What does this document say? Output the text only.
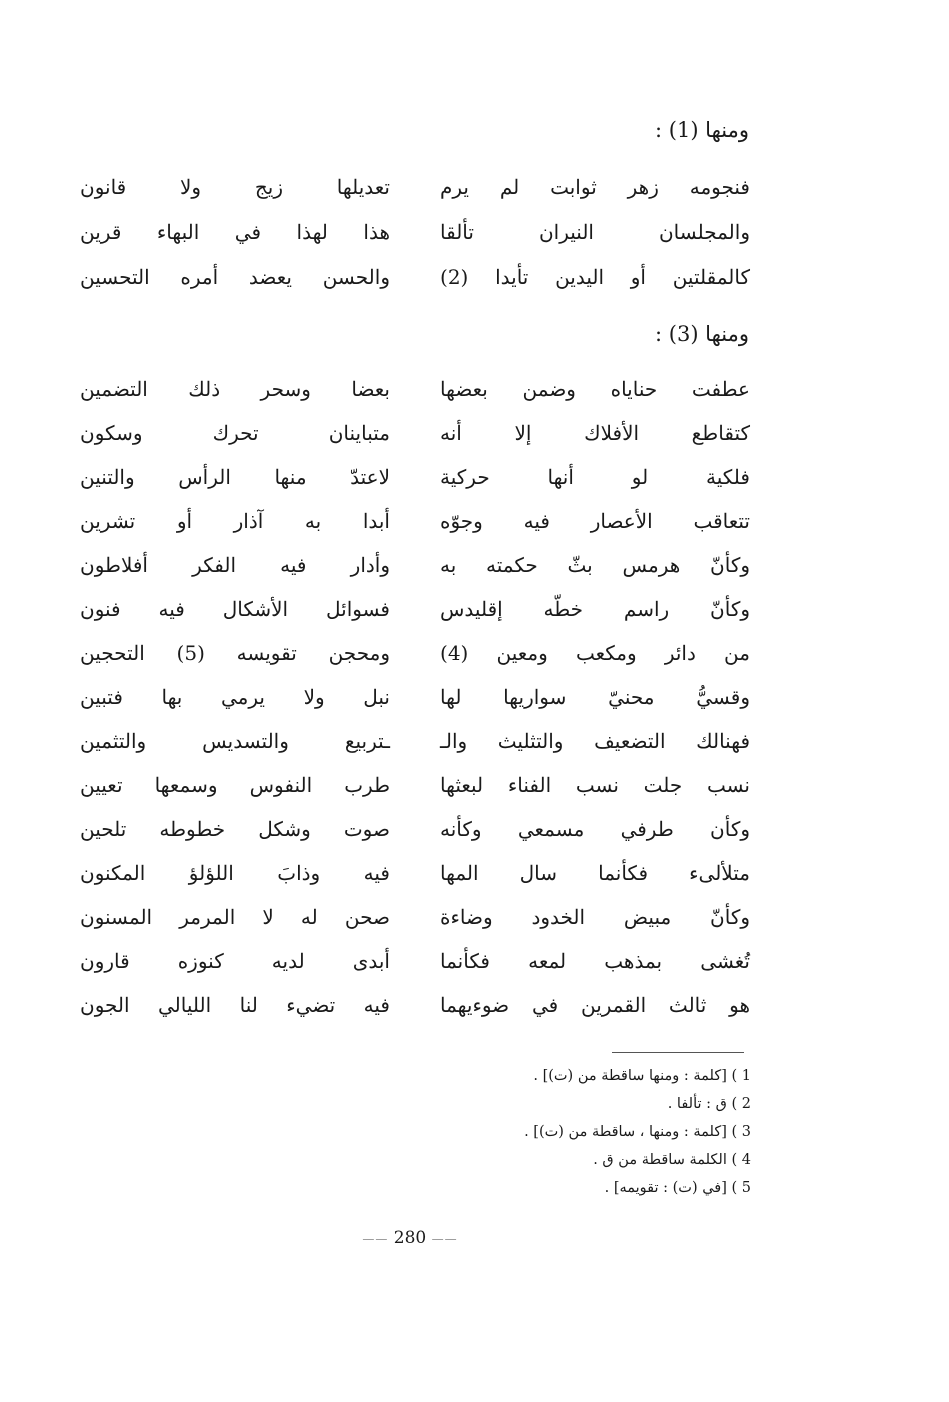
ومنها (1) :
فنجومه زهر ثوابت لم يرم
تعديلها زيج ولا قانون
والمجلسان النيران تألقا
هذا لهذا في البهاء قرين
كالمقلتين أو اليدين تأيدا (2)
والحسن يعضد أمره التحسين
ومنها (3) :
عطفت حناياه وضمن بعضها
بعضا وسحر ذلك التضمين
كتقاطع الأفلاك إلا أنه
متباينان تحرك وسكون
فلكية لو أنها حركية
لاعتدّ منها الرأس والتنين
تتعاقب الأعصار فيه وجوّه
أبدا به آذار أو تشرين
وكأنّ هرمس بثّ حكمته به
وأدار فيه الفكر أفلاطون
وكأنّ راسم خطّه إقليدس
فسوائل الأشكال فيه فنون
من دائر ومكعب ومعين (4)
ومحجن تقويسه (5) التحجين
وقسيُّ محنيّ سواريها لها
نبل ولا يرمي بها فتبين
فهنالك التضعيف والتثليث والـ
ـتربيع والتسديس والتثمين
نسب جلت نسب الفناء لبعثها
طرب النفوس وسمعها تعيين
وكأن طرفي مسمعي وكأنه
صوت وشكل خطوطه تلحين
متلألىء فكأنما سال المها
فيه وذابَ اللؤلؤ المكنون
وكأنّ مبيض الخدود وضاءة
صحن له لا المرمر المسنون
تُغشى بمذهب لمعه فكأنما
أبدى لديه كنوزه قارون
هو ثالث القمرين في ضوءيهما
فيه تضيء لنا الليالي الجون
1 ) [كلمة : ومنها ساقطة من (ت)] .
2 ) ق : تألفا .
3 ) [كلمة : ومنها ، ساقطة من (ت)] .
4 ) الكلمة ساقطة من ق .
5 ) [في (ت) : تقويمه] .
—— 280 ——
